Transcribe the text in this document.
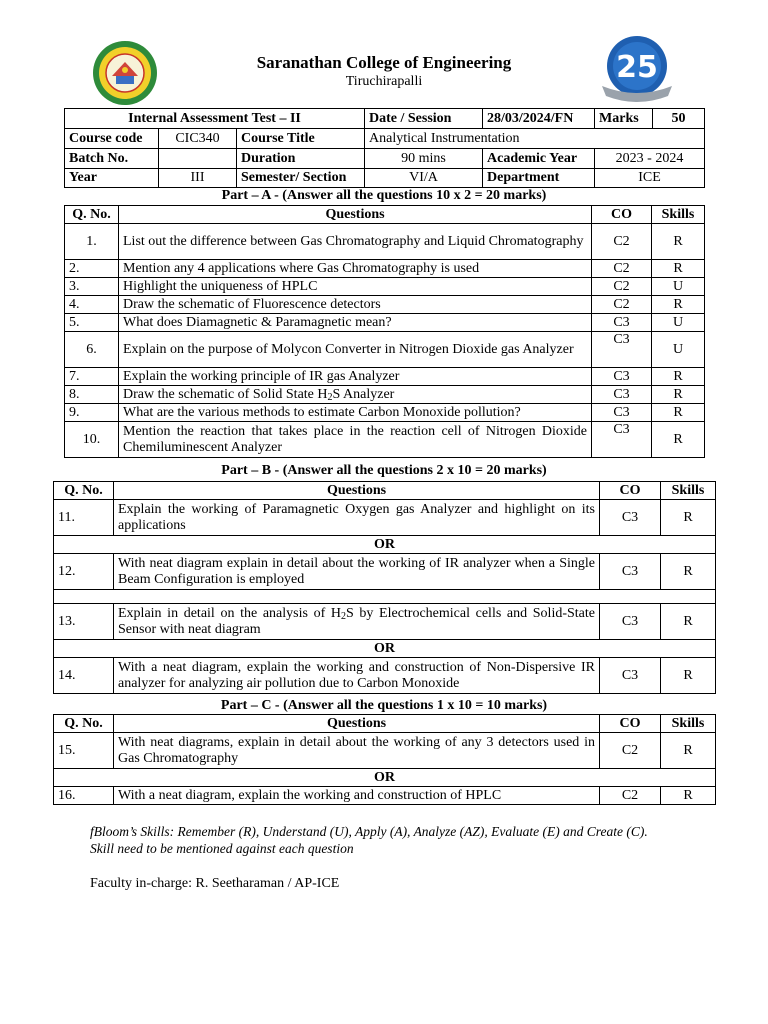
25
Saranathan College of Engineering
Tiruchirapalli
Internal Assessment Test – II			Date / Session	28/03/2024/FN	Marks	50
Course code	CIC340	Course Title	Analytical Instrumentation			
Batch No.		Duration	90 mins	Academic Year	2023 - 2024	
Year	III	Semester/ Section	VI/A	Department	ICE	
Part – A - (Answer all the questions 10 x 2 = 20 marks)
Q. No.	Questions	CO	Skills
1.	List out the difference between Gas Chromatography and Liquid Chromatography	C2	R
2.	Mention any 4 applications where Gas Chromatography is used	C2	R
3.	Highlight the uniqueness of HPLC	C2	U
4.	Draw the schematic of Fluorescence detectors	C2	R
5.	What does Diamagnetic & Paramagnetic mean?	C3	U
6.	Explain on the purpose of Molycon Converter in Nitrogen Dioxide gas Analyzer	C3	U
7.	Explain the working principle of IR gas Analyzer	C3	R
8.	Draw the schematic of Solid State $H_2S$ Analyzer	C3	R
9.	What are the various methods to estimate Carbon Monoxide pollution?	C3	R
10.	Mention the reaction that takes place in the reaction cell of Nitrogen Dioxide Chemiluminescent Analyzer	C3	R
Part – B - (Answer all the questions 2 x 10 = 20 marks)
Q. No.	Questions	CO	Skills
11.	Explain the working of Paramagnetic Oxygen gas Analyzer and highlight on its applications	C3	R
OR			
12.	With neat diagram explain in detail about the working of IR analyzer when a Single Beam Configuration is employed	C3	R

13.	Explain in detail on the analysis of $H_2S$ by Electrochemical cells and Solid-State Sensor with neat diagram	C3	R
OR			
14.	With a neat diagram, explain the working and construction of Non-Dispersive IR analyzer for analyzing air pollution due to Carbon Monoxide	C3	R
Part – C - (Answer all the questions 1 x 10 = 10 marks)
Q. No.	Questions	CO	Skills
15.	With neat diagrams, explain in detail about the working of any 3 detectors used in Gas Chromatography	C2	R
OR			
16.	With a neat diagram, explain the working and construction of HPLC	C2	R
fBloom’s Skills: Remember (R), Understand (U), Apply (A), Analyze (AZ), Evaluate (E) and Create (C).
Skill need to be mentioned against each question
Faculty in-charge: R. Seetharaman / AP-ICE
